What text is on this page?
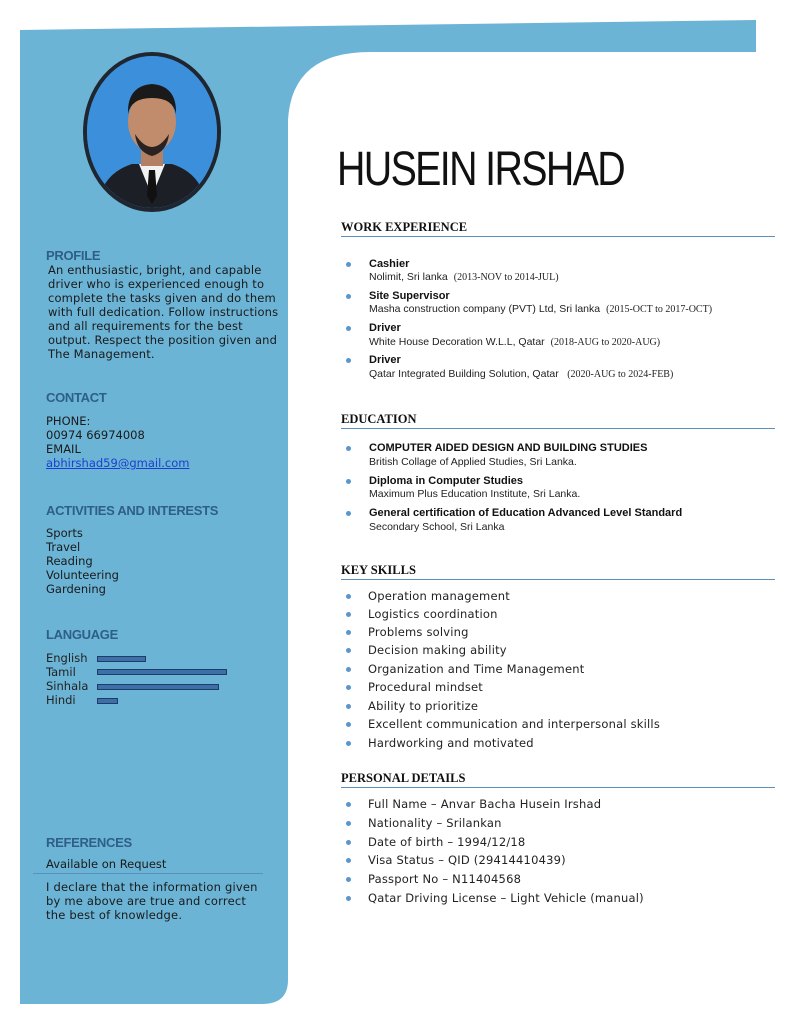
HUSEIN IRSHAD
PROFILE
An enthusiastic, bright, and capable
driver who is experienced enough to
complete the tasks given and do them
with full dedication. Follow instructions
and all requirements for the best
output. Respect the position given and
The Management.
CONTACT
PHONE:
00974 66974008
EMAIL
abhirshad59@gmail.com
ACTIVITIES AND INTERESTS
Sports
Travel
Reading
Volunteering
Gardening
LANGUAGE
English
Tamil
Sinhala
Hindi
REFERENCES
Available on Request
I declare that the information given
by me above are true and correct
the best of knowledge.
WORK EXPERIENCE
Cashier
Nolimit, Sri lanka (2013-NOV to 2014-JUL)
Site Supervisor
Masha construction company (PVT) Ltd, Sri lanka (2015-OCT to 2017-OCT)
Driver
White House Decoration W.L.L, Qatar (2018-AUG to 2020-AUG)
Driver
Qatar Integrated Building Solution, Qatar (2020-AUG to 2024-FEB)
EDUCATION
COMPUTER AIDED DESIGN AND BUILDING STUDIES
British Collage of Applied Studies, Sri Lanka.
Diploma in Computer Studies
Maximum Plus Education Institute, Sri Lanka.
General certification of Education Advanced Level Standard
Secondary School, Sri Lanka
KEY SKILLS
Operation management
Logistics coordination
Problems solving
Decision making ability
Organization and Time Management
Procedural mindset
Ability to prioritize
Excellent communication and interpersonal skills
Hardworking and motivated
PERSONAL DETAILS
Full Name – Anvar Bacha Husein Irshad
Nationality – Srilankan
Date of birth – 1994/12/18
Visa Status – QID (29414410439)
Passport No – N11404568
Qatar Driving License – Light Vehicle (manual)
